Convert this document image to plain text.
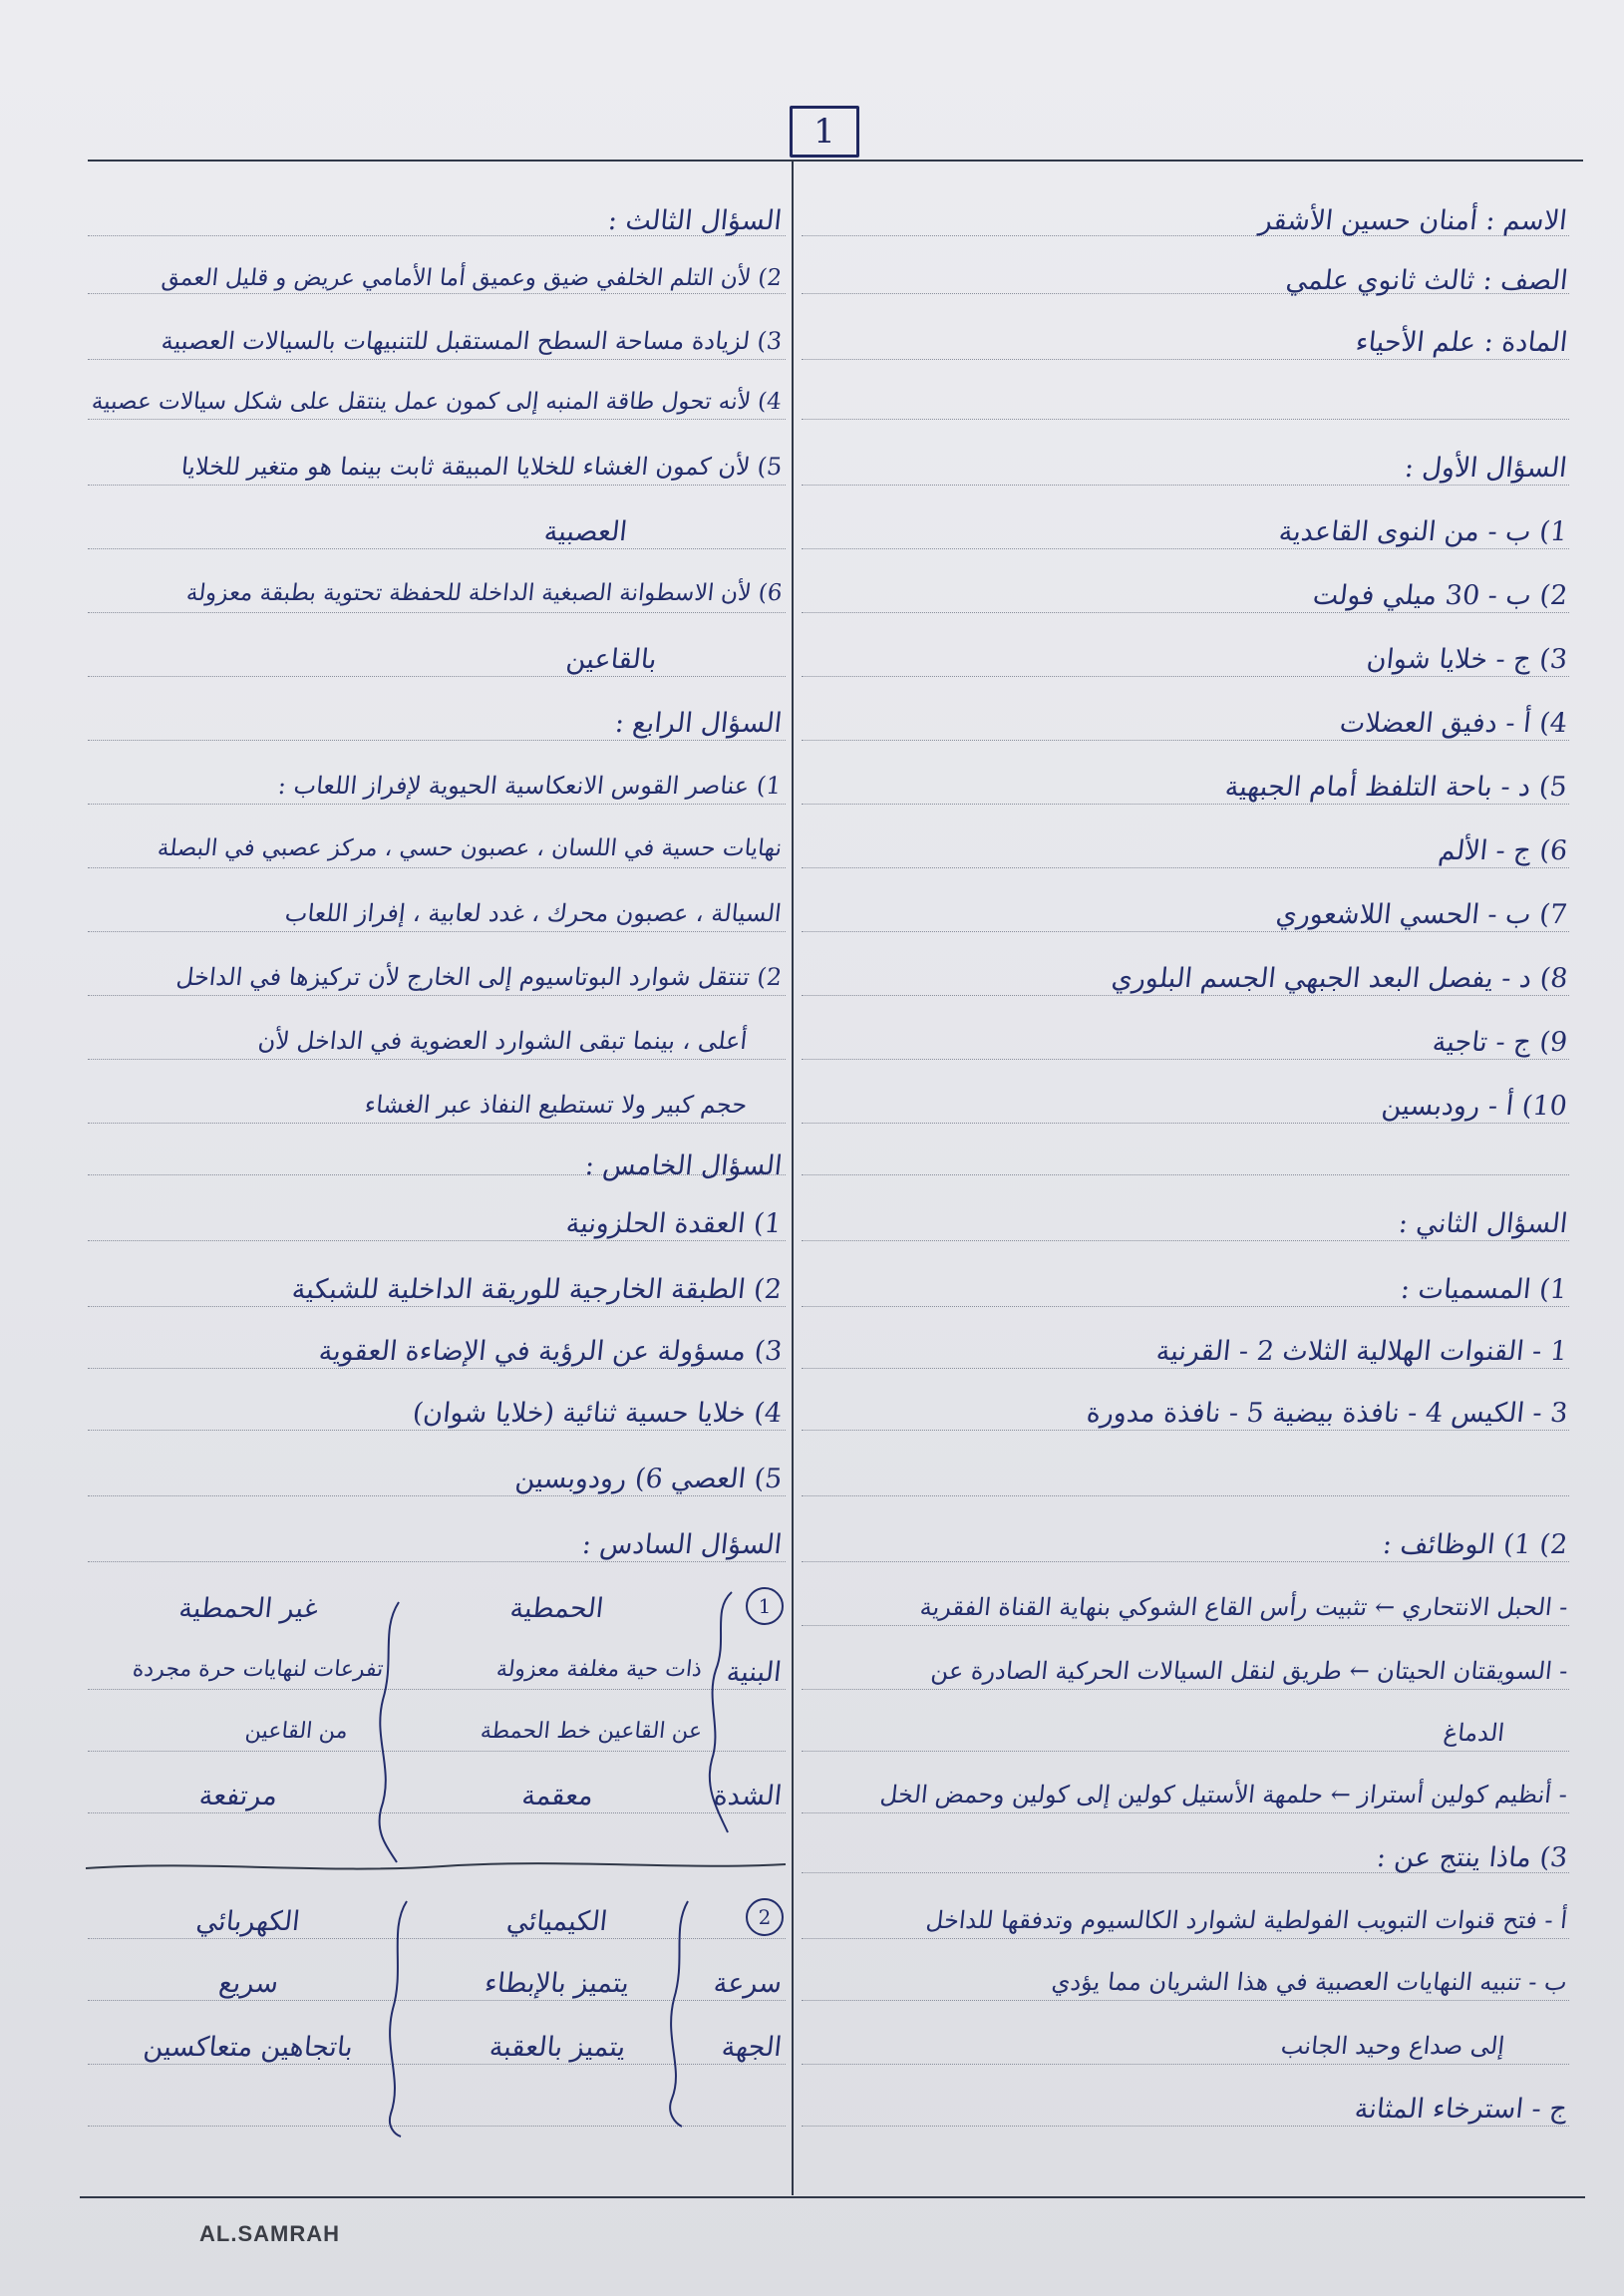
1
الاسم : أمنان حسين الأشقر
الصف : ثالث ثانوي علمي
المادة : علم الأحياء
السؤال الأول :
1) ب - من النوى القاعدية
2) ب - 30 ميلي فولت
3) ج - خلايا شوان
4) أ - دفيق العضلات
5) د - باحة التلفظ أمام الجبهية
6) ج - الألم
7) ب - الحسي اللاشعوري
8) د - يفصل البعد الجبهي الجسم البلوري
9) ج - تاجية
10) أ - رودبسين
السؤال الثاني :
1) المسميات :
1 - القنوات الهلالية الثلاث 2 - القرنية
3 - الكيس 4 - نافذة بيضية 5 - نافذة مدورة
2) 1) الوظائف :
- الحبل الانتحاري ← تثبيت رأس القاع الشوكي بنهاية القناة الفقرية
- السويقتان الحيتان ← طريق لنقل السيالات الحركية الصادرة عن
الدماغ
- أنظيم كولين أستراز ← حلمهة الأستيل كولين إلى كولين وحمض الخل
3) ماذا ينتج عن :
أ - فتح قنوات التبويب الفولطية لشوارد الكالسيوم وتدفقها للداخل
ب - تنبيه النهايات العصبية في هذا الشريان مما يؤدي
إلى صداع وحيد الجانب
ج - استرخاء المثانة
السؤال الثالث :
2) لأن التلم الخلفي ضيق وعميق أما الأمامي عريض و قليل العمق
3) لزيادة مساحة السطح المستقبل للتنبيهات بالسيالات العصبية
4) لأنه تحول طاقة المنبه إلى كمون عمل ينتقل على شكل سيالات عصبية
5) لأن كمون الغشاء للخلايا المبيقة ثابت بينما هو متغير للخلايا
العصبية
6) لأن الاسطوانة الصبغية الداخلة للحفظة تحتوية بطبقة معزولة
بالقاعين
السؤال الرابع :
1) عناصر القوس الانعكاسية الحيوية لإفراز اللعاب :
نهايات حسية في اللسان ، عصبون حسي ، مركز عصبي في البصلة
السيالة ، عصبون محرك ، غدد لعابية ، إفراز اللعاب
2) تنتقل شوارد البوتاسيوم إلى الخارج لأن تركيزها في الداخل
أعلى ، بينما تبقى الشوارد العضوية في الداخل لأن
حجم كبير ولا تستطيع النفاذ عبر الغشاء
السؤال الخامس :
1) العقدة الحلزونية
2) الطبقة الخارجية للوريقة الداخلية للشبكية
3) مسؤولة عن الرؤية في الإضاءة العقوية
4) خلايا حسية ثنائية (خلايا شوان)
5) العصي 6) رودوبسين
السؤال السادس :
1
الحمطية
غير الحمطية
البنية
ذات حية مغلفة معزولة
عن القاعين خط الحمطة
تفرعات لنهايات حرة مجردة
من القاعين
الشدة
معقمة
مرتفعة
2
الكيميائي
الكهربائي
سرعة
يتميز بالإبطاء
سريع
الجهة
يتميز بالعقبة
باتجاهين متعاكسين
AL.SAMRAH
